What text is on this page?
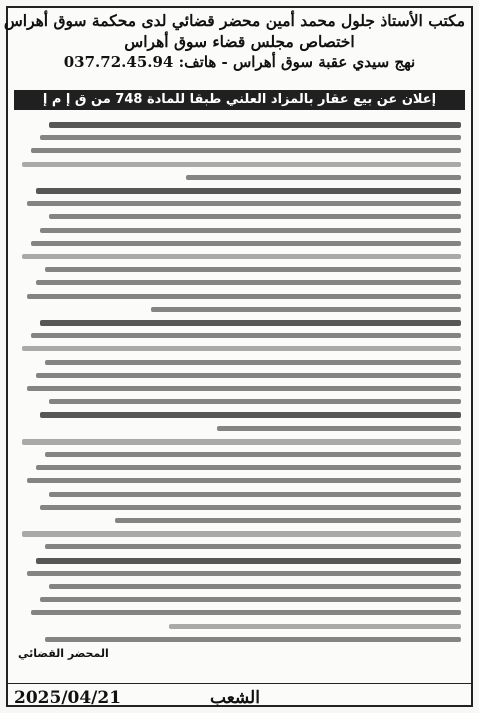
مكتب الأستاذ جلول محمد أمين محضر قضائي لدى محكمة سوق أهراس
اختصاص مجلس قضاء سوق أهراس
نهج سيدي عقبة سوق أهراس - هاتف: 037.72.45.94
إعلان عن بيع عقار بالمزاد العلني طبقا للمادة 748 من ق إ م إ
المحضر القضائي
2025/04/21	الشعب
